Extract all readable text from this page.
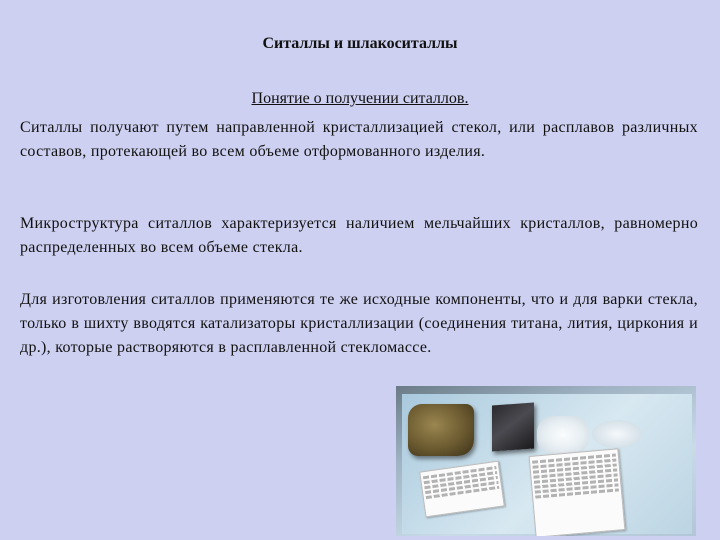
Ситаллы и шлакоситаллы
Понятие о получении ситаллов.
Ситаллы получают путем направленной кристаллизацией стекол, или расплавов различных составов, протекающей во всем объеме отформованного изделия.
Микроструктура ситаллов характеризуется наличием мельчайших кристаллов, равномерно распределенных во всем объеме стекла.
Для изготовления ситаллов применяются те же исходные компоненты, что и для варки стекла, только в шихту вводятся катализаторы кристаллизации (соединения титана, лития, циркония и др.), которые растворяются в расплавленной стекломассе.
